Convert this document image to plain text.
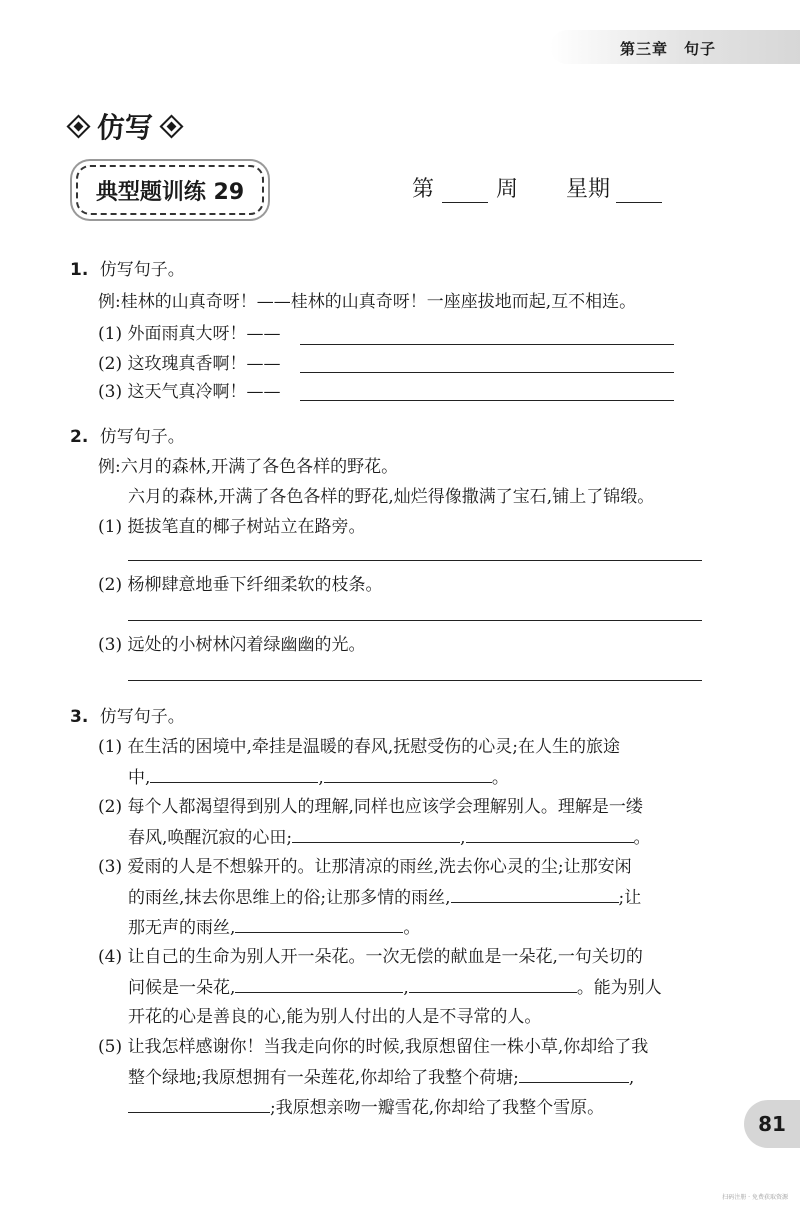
第三章　句子
仿写
典型题训练 29	第	周 星期
1. 仿写句子。
例:桂林的山真奇呀！——桂林的山真奇呀！一座座拔地而起,互不相连。
(1) 外面雨真大呀！——
(2) 这玫瑰真香啊！——
(3) 这天气真冷啊！——
2. 仿写句子。
例:六月的森林,开满了各色各样的野花。
六月的森林,开满了各色各样的野花,灿烂得像撒满了宝石,铺上了锦缎。
(1) 挺拔笔直的椰子树站立在路旁。
(2) 杨柳肆意地垂下纤细柔软的枝条。
(3) 远处的小树林闪着绿幽幽的光。
3. 仿写句子。
(1) 在生活的困境中,牵挂是温暖的春风,抚慰受伤的心灵;在人生的旅途
中,	,	。
(2) 每个人都渴望得到别人的理解,同样也应该学会理解别人。理解是一缕
春风,唤醒沉寂的心田;	,	。
(3) 爱雨的人是不想躲开的。让那清凉的雨丝,洗去你心灵的尘;让那安闲
的雨丝,抹去你思维上的俗;让那多情的雨丝,	;让
那无声的雨丝,	。
(4) 让自己的生命为别人开一朵花。一次无偿的献血是一朵花,一句关切的
问候是一朵花,	,	。能为别人
开花的心是善良的心,能为别人付出的人是不寻常的人。
(5) 让我怎样感谢你！当我走向你的时候,我原想留住一株小草,你却给了我
整个绿地;我原想拥有一朵莲花,你却给了我整个荷塘;	,
;我原想亲吻一瓣雪花,你却给了我整个雪原。
81
扫码注册 · 免费获取资源
